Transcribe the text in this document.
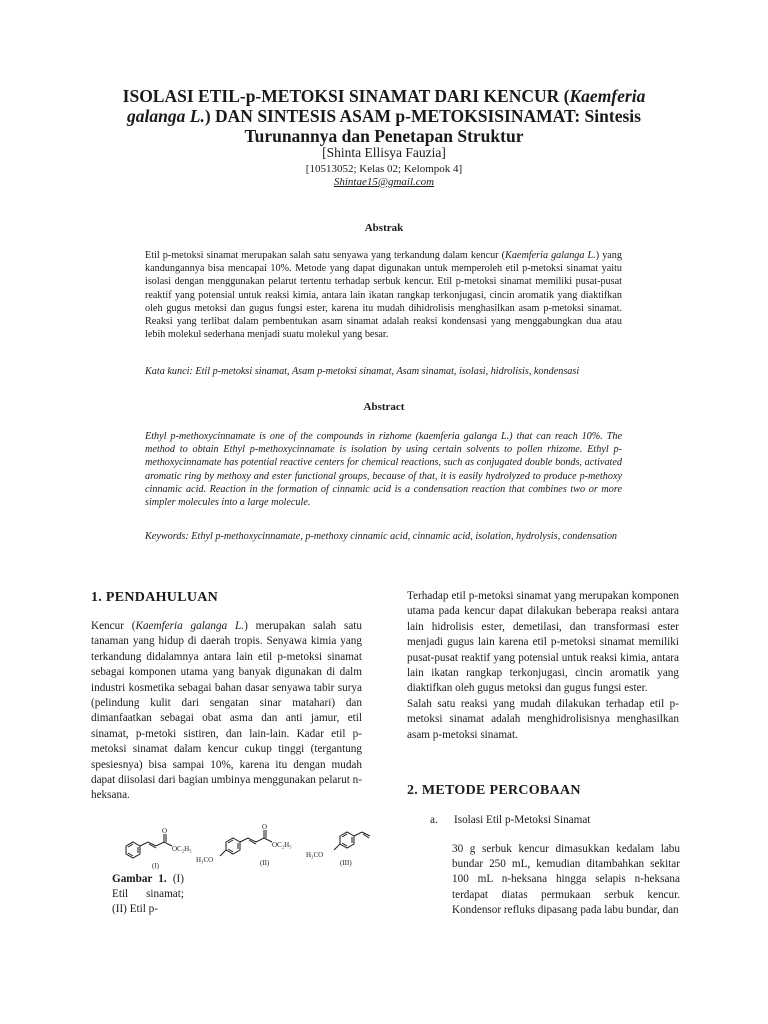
ISOLASI ETIL-p-METOKSI SINAMAT DARI KENCUR (Kaemferia
galanga L.) DAN SINTESIS ASAM p-METOKSISINAMAT: Sintesis
Turunannya dan Penetapan Struktur
[Shinta Ellisya Fauzia]
[10513052; Kelas 02; Kelompok 4]
Shintae15@gmail.com
Abstrak
Etil p-metoksi sinamat merupakan salah satu senyawa yang terkandung dalam kencur (Kaemferia galanga L.) yang kandungannya bisa mencapai 10%. Metode yang dapat digunakan untuk memperoleh etil p-metoksi sinamat yaitu isolasi dengan menggunakan pelarut tertentu terhadap serbuk kencur. Etil p-metoksi sinamat memiliki pusat-pusat reaktif yang potensial untuk reaksi kimia, antara lain ikatan rangkap terkonjugasi, cincin aromatik yang diaktifkan oleh gugus metoksi dan gugus fungsi ester, karena itu mudah dihidrolisis menghasilkan asam p-metoksi sinamat. Reaksi yang terlibat dalam pembentukan asam sinamat adalah reaksi kondensasi yang menggabungkan dua atau lebih molekul sederhana menjadi suatu molekul yang besar.
Kata kunci: Etil p-metoksi sinamat, Asam p-metoksi sinamat, Asam sinamat, isolasi, hidrolisis, kondensasi
Abstract
Ethyl p-methoxycinnamate is one of the compounds in rizhome (kaemferia galanga L.) that can reach 10%. The method to obtain Ethyl p-methoxycinnamate is isolation by using certain solvents to pollen rhizome. Ethyl p-methoxycinnamate has potential reactive centers for chemical reactions, such as conjugated double bonds, activated aromatic ring by methoxy and ester functional groups, because of that, it is easily hydrolyzed to produce p-methoxy cinnamic acid. Reaction in the formation of cinnamic acid is a condensation reaction that combines two or more simpler molecules into a large molecule.
Keywords: Ethyl p-methoxycinnamate, p-methoxy cinnamic acid, cinnamic acid, isolation, hydrolysis, condensation
1. PENDAHULUAN

Kencur (Kaemferia galanga L.) merupakan salah satu tanaman yang hidup di daerah tropis. Senyawa kimia yang terkandung didalamnya antara lain etil p-metoksi sinamat sebagai komponen utama yang banyak digunakan di dalm industri kosmetika sebagai bahan dasar senyawa tabir surya (pelindung kulit dari sengatan sinar matahari) dan dimanfaatkan sebagai obat asma dan anti jamur, etil sinamat, p-metoki sistiren, dan lain-lain. Kadar etil p-metoksi sinamat dalam kencur cukup tinggi (tergantung spesiesnya) bisa sampai 10%, karena itu dengan mudah dapat diisolasi dari bagian umbinya menggunakan pelarut n-heksana.

O
OC₂H₅
(I)
O
OC₂H₅
H₃CO	(II)
H₃CO
(III)
Gambar 1. (I) Etil sinamat; (II) Etil p-

Terhadap etil p-metoksi sinamat yang merupakan komponen utama pada kencur dapat dilakukan beberapa reaksi antara lain hidrolisis ester, demetilasi, dan transformasi ester menjadi gugus lain karena etil p-metoksi sinamat memiliki pusat-pusat reaktif yang potensial untuk reaksi kimia, antara lain ikatan rangkap terkonjugasi, cincin aromatik yang diaktifkan oleh gugus metoksi dan gugus fungsi ester.

Salah satu reaksi yang mudah dilakukan terhadap etil p-metoksi sinamat adalah menghidrolisisnya menghasilkan asam p-metoksi sinamat.

2. METODE PERCOBAAN
a. Isolasi Etil p-Metoksi Sinamat
30 g serbuk kencur dimasukkan kedalam labu bundar 250 mL, kemudian ditambahkan sekitar 100 mL n-heksana hingga selapis n-heksana terdapat diatas permukaan serbuk kencur. Kondensor refluks dipasang pada labu bundar, dan
